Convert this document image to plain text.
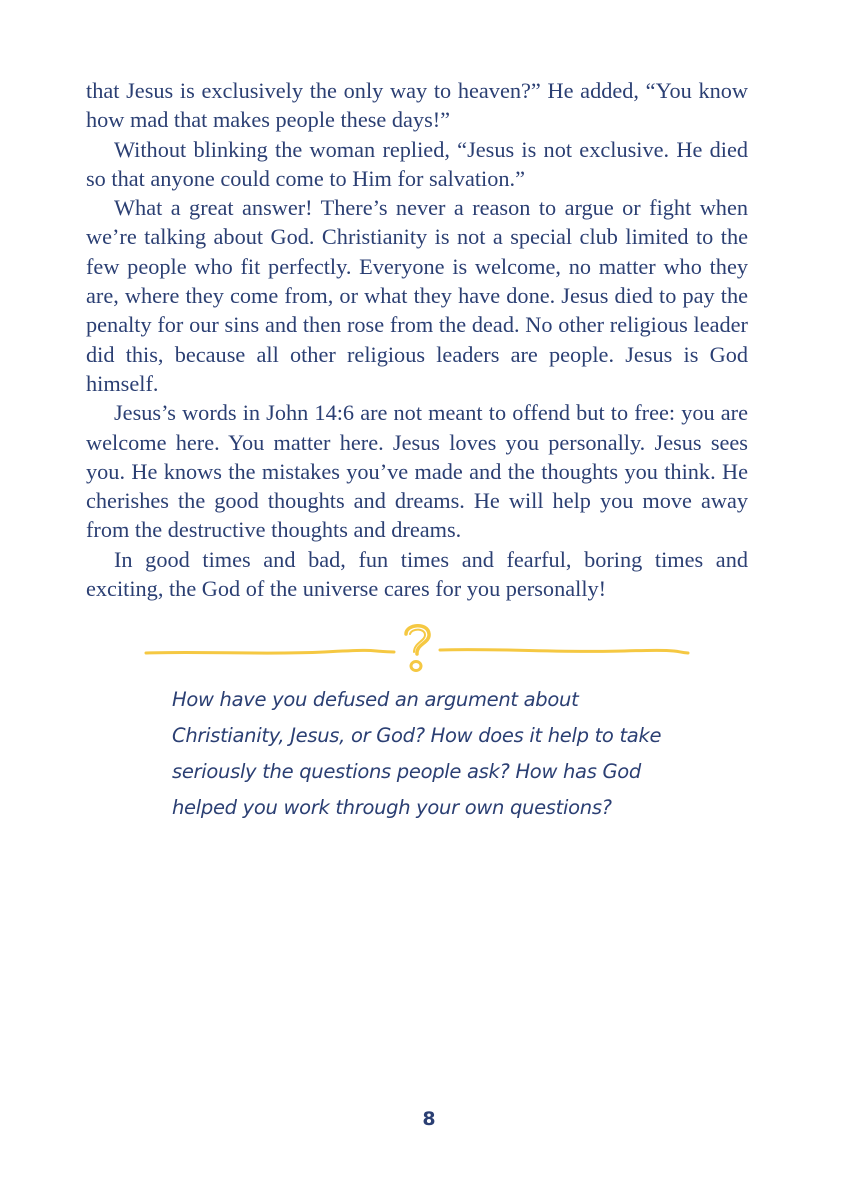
that Jesus is exclusively the only way to heaven?” He added, “You know how mad that makes people these days!”

Without blinking the woman replied, “Jesus is not exclusive. He died so that anyone could come to Him for salvation.”

What a great answer! There’s never a reason to argue or fight when we’re talking about God. Christianity is not a special club limited to the few people who fit perfectly. Everyone is welcome, no matter who they are, where they come from, or what they have done. Jesus died to pay the penalty for our sins and then rose from the dead. No other religious leader did this, because all other religious leaders are people. Jesus is God himself.

Jesus’s words in John 14:6 are not meant to offend but to free: you are welcome here. You matter here. Jesus loves you personally. Jesus sees you. He knows the mistakes you’ve made and the thoughts you think. He cherishes the good thoughts and dreams. He will help you move away from the destructive thoughts and dreams.

In good times and bad, fun times and fearful, boring times and exciting, the God of the universe cares for you personally!

How have you defused an argument about Christianity, Jesus, or God? How does it help to take seriously the questions people ask? How has God helped you work through your own questions?
8
